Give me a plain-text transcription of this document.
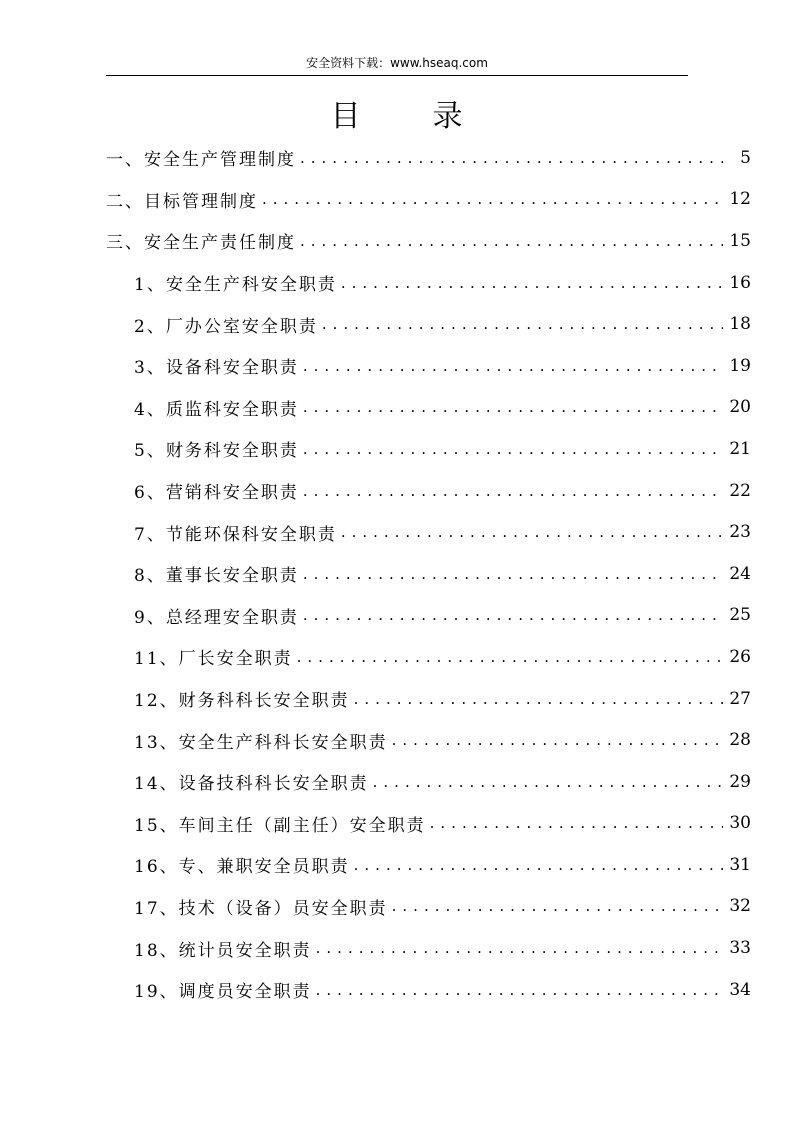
安全资料下载：www.hseaq.com
目 录
一、安全生产管理制度 .....	5
二、目标管理制度 .....	12
三、安全生产责任制度 .....	15
1、安全生产科安全职责 .....	16
2、厂办公室安全职责 .....	18
3、设备科安全职责 .....	19
4、质监科安全职责 .....	20
5、财务科安全职责 .....	21
6、营销科安全职责 .....	22
7、节能环保科安全职责 .....	23
8、董事长安全职责 .....	24
9、总经理安全职责 .....	25
11、厂长安全职责 .....	26
12、财务科科长安全职责 .....	27
13、安全生产科科长安全职责 .....	28
14、设备技科科长安全职责 .....	29
15、车间主任（副主任）安全职责 .....	30
16、专、兼职安全员职责 .....	31
17、技术（设备）员安全职责 .....	32
18、统计员安全职责 .....	33
19、调度员安全职责 .....	34
